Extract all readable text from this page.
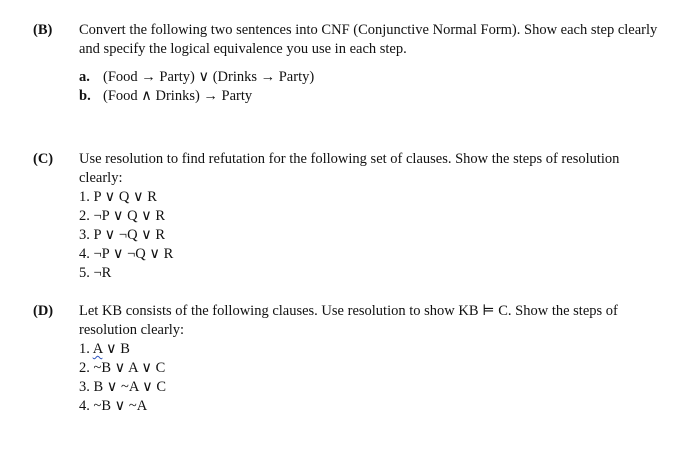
(B) Convert the following two sentences into CNF (Conjunctive Normal Form). Show each step clearly and specify the logical equivalence you use in each step.

a. (Food → Party) ∨ (Drinks → Party)
b. (Food ∧ Drinks) → Party
(C) Use resolution to find refutation for the following set of clauses. Show the steps of resolution clearly:

1. P ∨ Q ∨ R
2. ¬P ∨ Q ∨ R
3. P ∨ ¬Q ∨ R
4. ¬P ∨ ¬Q ∨ R
5. ¬R
(D) Let KB consists of the following clauses. Use resolution to show KB ⊨ C. Show the steps of resolution clearly:

1. A ∨ B
2. ~B ∨ A ∨ C
3. B ∨ ~A ∨ C
4. ~B ∨ ~A
